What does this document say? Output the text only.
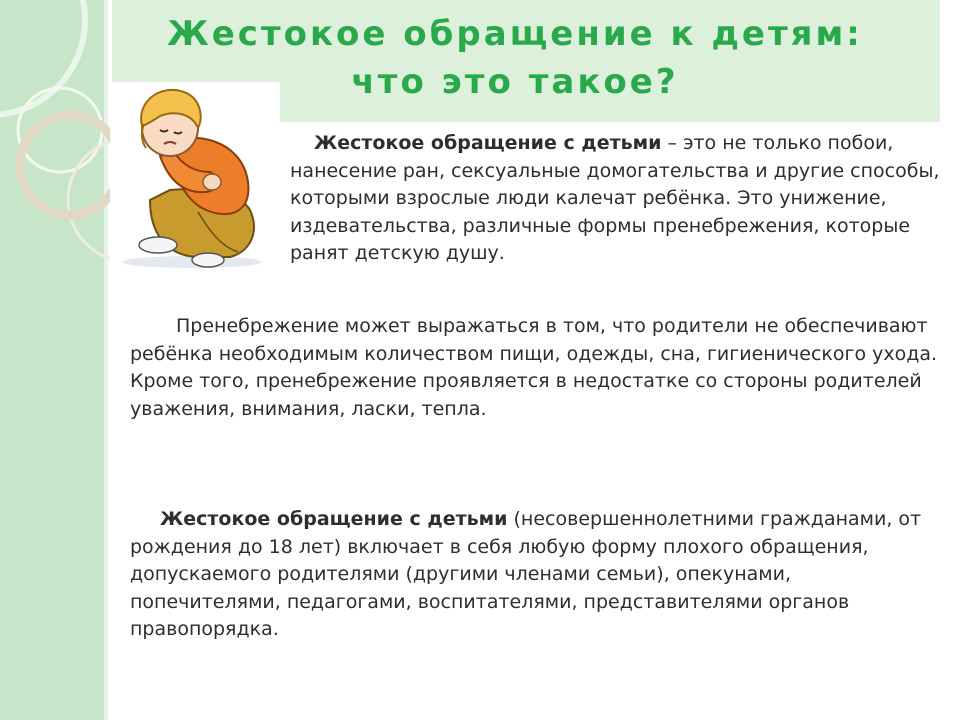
Жестокое обращение к детям:
что это такое?

Жестокое обращение с детьми – это не только побои, нанесение ран, сексуальные домогательства и другие способы, которыми взрослые люди калечат ребёнка. Это унижение, издевательства, различные формы пренебрежения, которые ранят детскую душу.

Пренебрежение может выражаться в том, что родители не обеспечивают ребёнка необходимым количеством пищи, одежды, сна, гигиенического ухода. Кроме того, пренебрежение проявляется в недостатке со стороны родителей уважения, внимания, ласки, тепла.

Жестокое обращение с детьми (несовершеннолетними гражданами, от рождения до 18 лет) включает в себя любую форму плохого обращения, допускаемого родителями (другими членами семьи), опекунами, попечителями, педагогами, воспитателями, представителями органов правопорядка.
